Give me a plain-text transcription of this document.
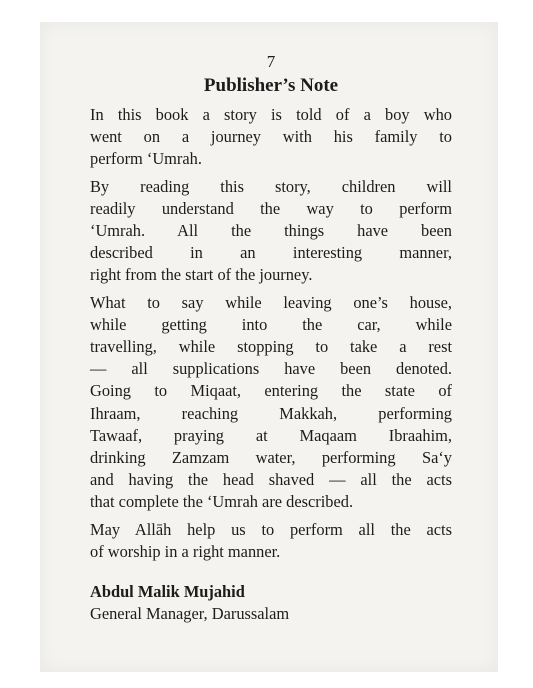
7
Publisher’s Note

In this book a story is told of a boy who
went on a journey with his family to
perform ‘Umrah.

By reading this story, children will
readily understand the way to perform
‘Umrah. All the things have been
described in an interesting manner,
right from the start of the journey.

What to say while leaving one’s house,
while getting into the car, while
travelling, while stopping to take a rest
— all supplications have been denoted.
Going to Miqaat, entering the state of
Ihraam, reaching Makkah, performing
Tawaaf, praying at Maqaam Ibraahim,
drinking Zamzam water, performing Sa‘y
and having the head shaved — all the acts
that complete the ‘Umrah are described.

May Allāh help us to perform all the acts
of worship in a right manner.

Abdul Malik Mujahid
General Manager, Darussalam
